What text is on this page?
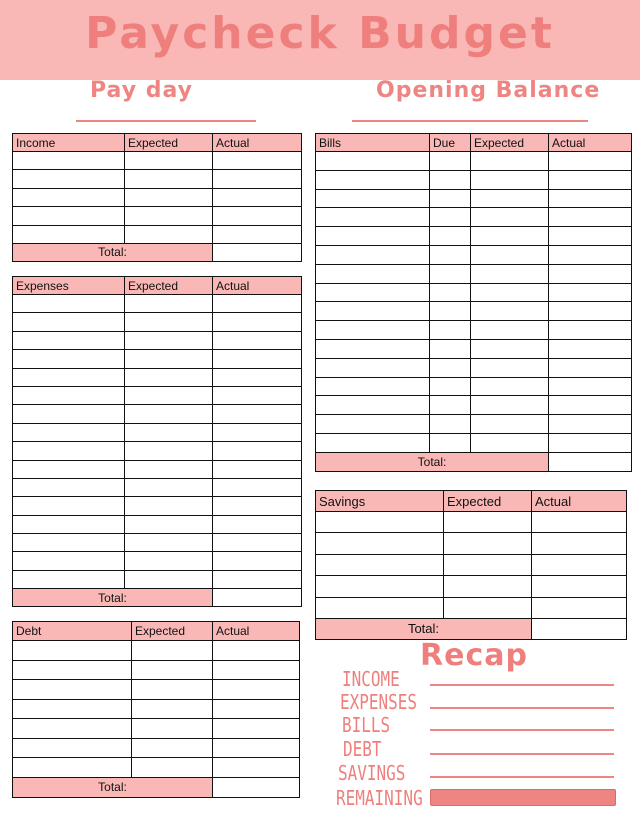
Paycheck Budget
Pay day	Opening Balance
Income	Expected	Actual

Total:		
Expenses	Expected	Actual

Total:		
Debt	Expected	Actual

Total:		
Bills	Due	Expected	Actual

Total:			
Savings	Expected	Actual

Total:		
Recap
INCOME
EXPENSES
BILLS
DEBT
SAVINGS
REMAINING
